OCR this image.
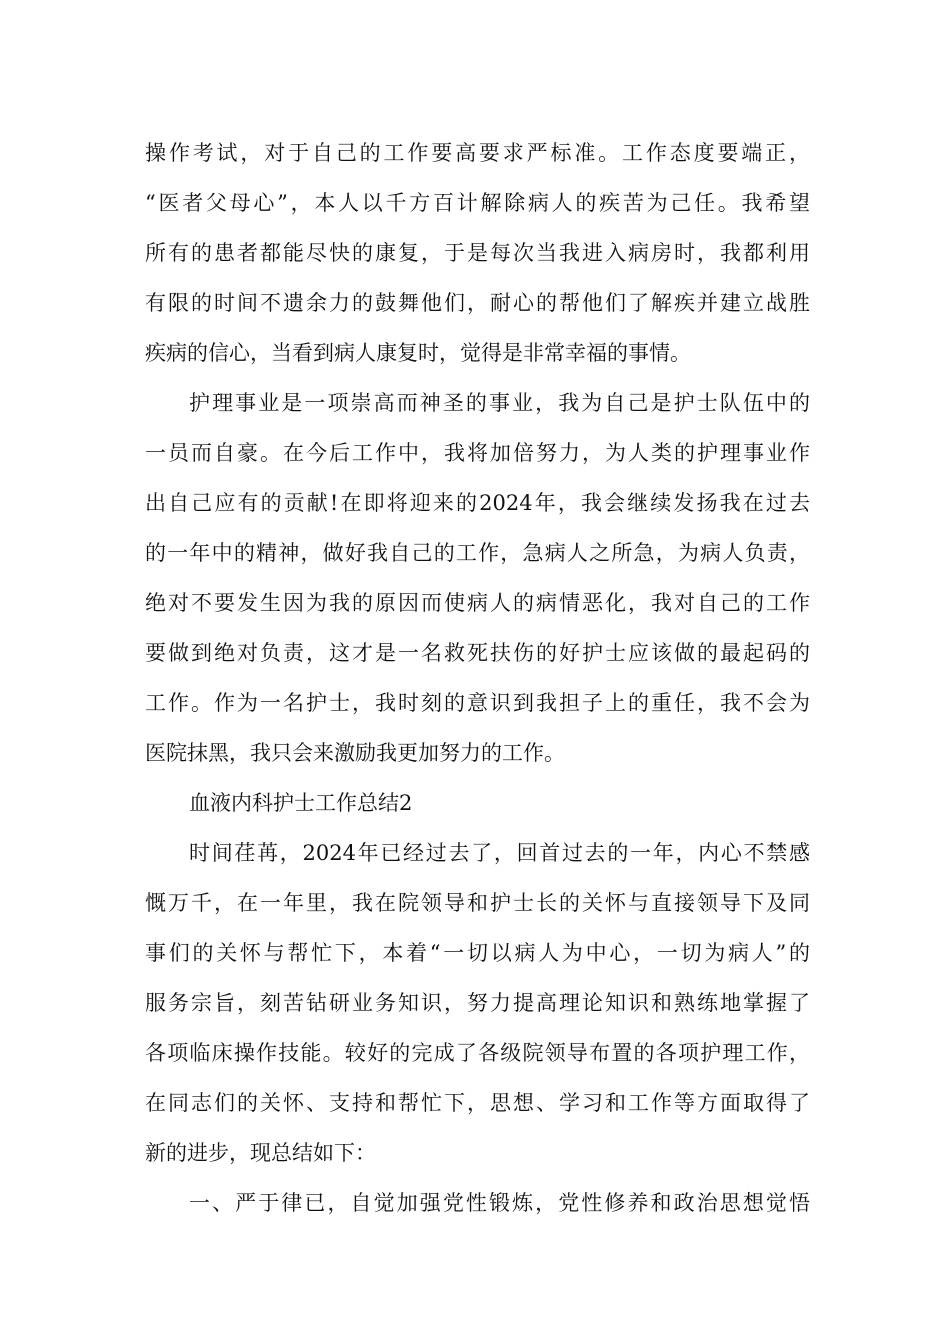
操作考试，对于自己的工作要高要求严标准。工作态度要端正，
“医者父母心”，本人以千方百计解除病人的疾苦为己任。我希望
所有的患者都能尽快的康复，于是每次当我进入病房时，我都利用
有限的时间不遗余力的鼓舞他们，耐心的帮他们了解疾并建立战胜
疾病的信心，当看到病人康复时，觉得是非常幸福的事情。
护理事业是一项崇高而神圣的事业，我为自己是护士队伍中的
一员而自豪。在今后工作中，我将加倍努力，为人类的护理事业作
出自己应有的贡献!在即将迎来的2024年，我会继续发扬我在过去
的一年中的精神，做好我自己的工作，急病人之所急，为病人负责，
绝对不要发生因为我的原因而使病人的病情恶化，我对自己的工作
要做到绝对负责，这才是一名救死扶伤的好护士应该做的最起码的
工作。作为一名护士，我时刻的意识到我担子上的重任，我不会为
医院抹黑，我只会来激励我更加努力的工作。
血液内科护士工作总结2
时间荏苒，2024年已经过去了，回首过去的一年，内心不禁感
慨万千，在一年里，我在院领导和护士长的关怀与直接领导下及同
事们的关怀与帮忙下，本着“一切以病人为中心，一切为病人”的
服务宗旨，刻苦钻研业务知识，努力提高理论知识和熟练地掌握了
各项临床操作技能。较好的完成了各级院领导布置的各项护理工作，
在同志们的关怀、支持和帮忙下，思想、学习和工作等方面取得了
新的进步，现总结如下：
一、严于律已，自觉加强党性锻炼，党性修养和政治思想觉悟
